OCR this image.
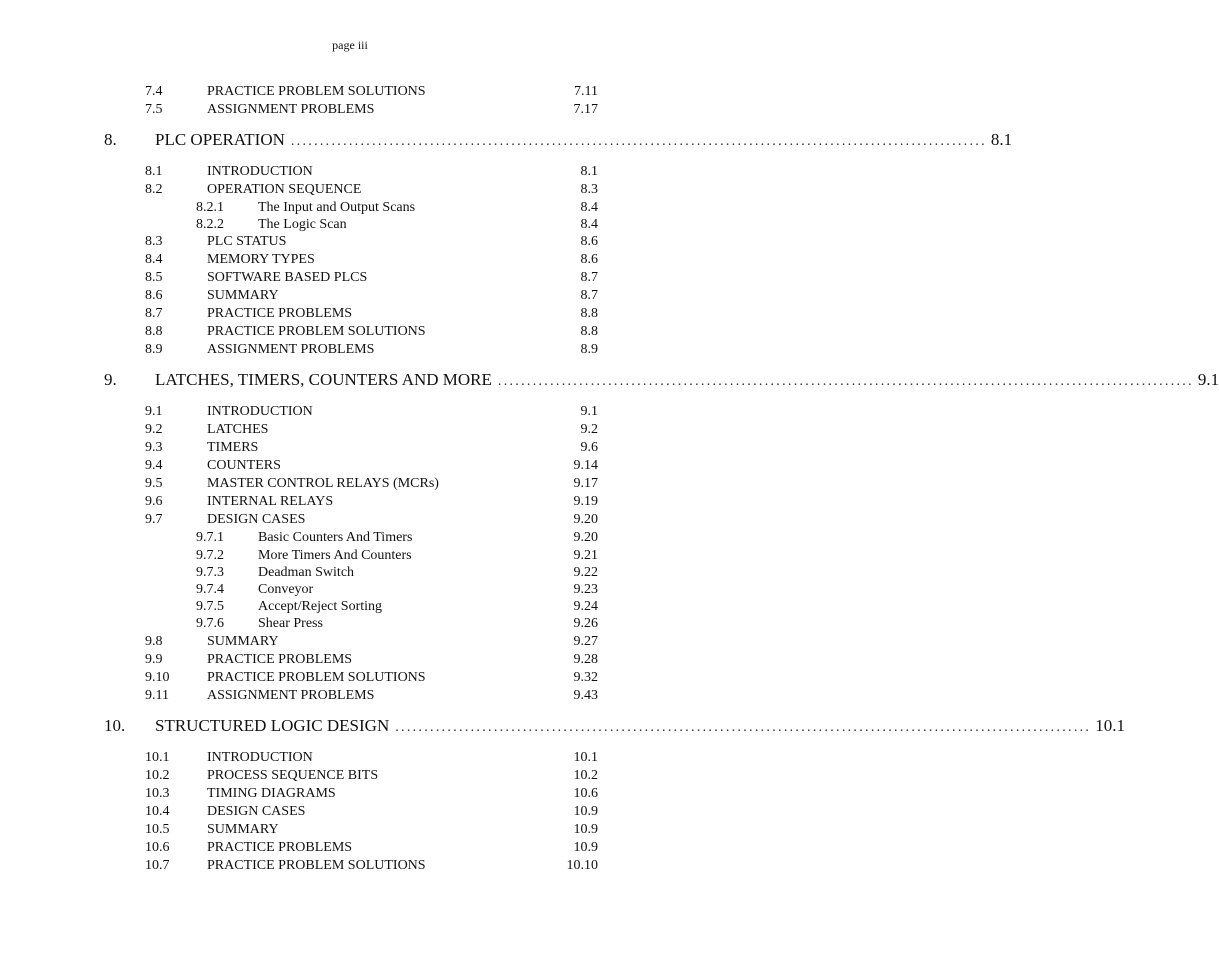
page iii
7.4	PRACTICE PROBLEM SOLUTIONS	7.11
7.5	ASSIGNMENT PROBLEMS	7.17
8. PLC OPERATION ........................................................................................................................ 8.1
8.1	INTRODUCTION	8.1
8.2	OPERATION SEQUENCE	8.3
8.2.1 The Input and Output Scans	8.4
8.2.2 The Logic Scan	8.4
8.3	PLC STATUS	8.6
8.4	MEMORY TYPES	8.6
8.5	SOFTWARE BASED PLCS	8.7
8.6	SUMMARY	8.7
8.7	PRACTICE PROBLEMS	8.8
8.8	PRACTICE PROBLEM SOLUTIONS	8.8
8.9	ASSIGNMENT PROBLEMS	8.9
9. LATCHES, TIMERS, COUNTERS AND MORE ........................................................................................................................ 9.1
9.1	INTRODUCTION	9.1
9.2	LATCHES	9.2
9.3	TIMERS	9.6
9.4	COUNTERS	9.14
9.5	MASTER CONTROL RELAYS (MCRs)	9.17
9.6	INTERNAL RELAYS	9.19
9.7	DESIGN CASES	9.20
9.7.1 Basic Counters And Timers	9.20
9.7.2 More Timers And Counters	9.21
9.7.3 Deadman Switch	9.22
9.7.4 Conveyor	9.23
9.7.5 Accept/Reject Sorting	9.24
9.7.6 Shear Press	9.26
9.8	SUMMARY	9.27
9.9	PRACTICE PROBLEMS	9.28
9.10	PRACTICE PROBLEM SOLUTIONS	9.32
9.11	ASSIGNMENT PROBLEMS	9.43
10. STRUCTURED LOGIC DESIGN ........................................................................................................................ 10.1
10.1	INTRODUCTION	10.1
10.2	PROCESS SEQUENCE BITS	10.2
10.3	TIMING DIAGRAMS	10.6
10.4	DESIGN CASES	10.9
10.5	SUMMARY	10.9
10.6	PRACTICE PROBLEMS	10.9
10.7	PRACTICE PROBLEM SOLUTIONS	10.10
